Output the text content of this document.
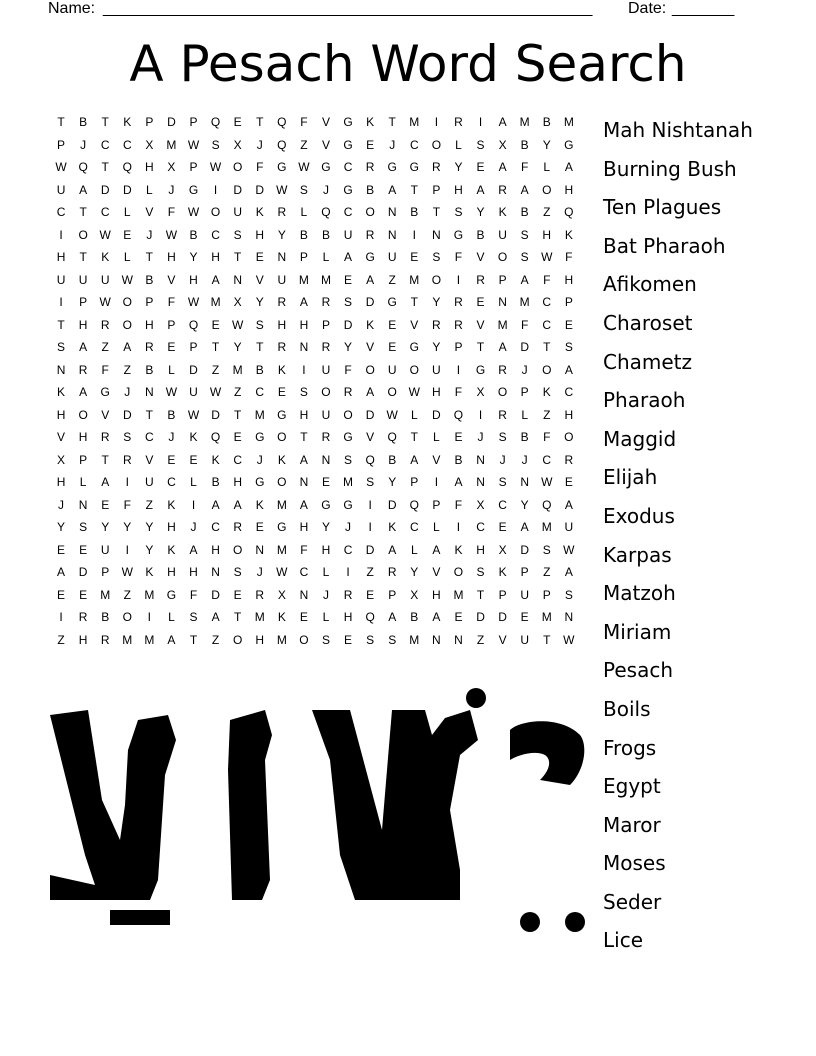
Name: _______________________________________________________ Date: _______
A Pesach Word Search
T	B	T	K	P	D	P	Q	E	T	Q	F	V	G	K	T	M	I	R	I	A	M	B	M
P	J	C	C	X	M W	S	X	J	Q	Z	V	G	E	J	C	O	L	S	X	B	Y	G
W Q	T	Q	H	X	P	W O	F	G W G	C	R	G	G	R	Y	E	A	F	L	A
U	A	D	D	L	J	G	I	D	D	W	S	J	G	B	A	T	P	H	A	R	A	O	H
C	T	C	L	V	F	W O	U	K	R	L	Q	C	O	N	B	T	S	Y	K	B	Z	Q
I	O W	E	J	W	B	C	S	H	Y	B	B	U	R	N	I	N	G	B	U	S	H	K
H	T	K	L	T	H	Y	H	T	E	N	P	L	A	G	U	E	S	F	V	O	S	W	F
U	U	U	W	B	V	H	A	N	V	U	M	M	E	A	Z	M	O	I	R	P	A	F	H
I	P	W O	P	F	W M	X	Y	R	A	R	S	D	G	T	Y	R	E	N	M	C	P
T	H	R	O	H	P	Q	E	W	S	H	H	P	D	K	E	V	R	R	V	M	F	C	E
S	A	Z	A	R	E	P	T	Y	T	R	N	R	Y	V	E	G	Y	P	T	A	D	T	S
N	R	F	Z	B	L	D	Z	M	B	K	I	U	F	O	U	O	U	I	G	R	J	O	A
K	A	G	J	N	W	U	W	Z	C	E	S	O	R	A	O W	H	F	X	O	P	K	C
H	O	V	D	T	B	W	D	T	M	G	H	U	O	D	W	L	D	Q	I	R	L	Z	H
V	H	R	S	C	J	K	Q	E	G	O	T	R	G	V	Q	T	L	E	J	S	B	F	O
X	P	T	R	V	E	E	K	C	J	K	A	N	S	Q	B	A	V	B	N	J	J	C	R
H	L	A	I	U	C	L	B	H	G	O	N	E	M	S	Y	P	I	A	N	S	N	W	E
J	N	E	F	Z	K	I	A	A	K	M	A	G	G	I	D	Q	P	F	X	C	Y	Q	A
Y	S	Y	Y	Y	H	J	C	R	E	G	H	Y	J	I	K	C	L	I	C	E	A	M	U
E	E	U	I	Y	K	A	H	O	N	M	F	H	C	D	A	L	A	K	H	X	D	S	W
A	D	P	W	K	H	H	N	S	J	W	C	L	I	Z	R	Y	V	O	S	K	P	Z	A
E	E	M	Z	M	G	F	D	E	R	X	N	J	R	E	P	X	H	M	T	P	U	P	S
I	R	B	O	I	L	S	A	T	M	K	E	L	H	Q	A	B	A	E	D	D	E	M	N
Z	H	R	M	M	A	T	Z	O	H	M	O	S	E	S	S	M	N	N	Z	V	U	T	W
Mah Nishtanah
Burning Bush
Ten Plagues
Bat Pharaoh
Afikomen
Charoset
Chametz
Pharaoh
Maggid
Elijah
Exodus
Karpas
Matzoh
Miriam
Pesach
Boils
Frogs
Egypt
Maror
Moses
Seder
Lice
